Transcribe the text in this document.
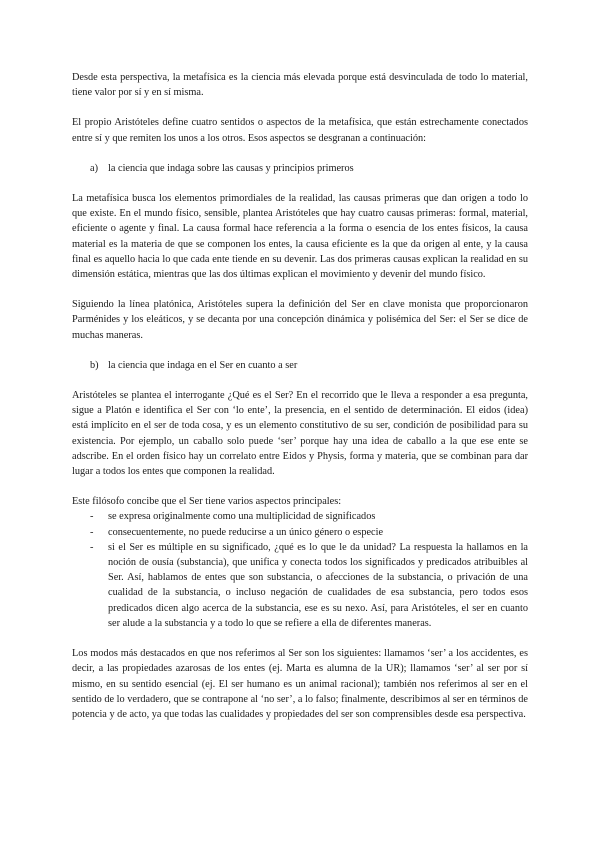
Desde esta perspectiva, la metafísica es la ciencia más elevada porque está desvinculada de todo lo material, tiene valor por sí y en sí misma.

El propio Aristóteles define cuatro sentidos o aspectos de la metafísica, que están estrechamente conectados entre sí y que remiten los unos a los otros. Esos aspectos se desgranan a continuación:

a) la ciencia que indaga sobre las causas y principios primeros

La metafísica busca los elementos primordiales de la realidad, las causas primeras que dan origen a todo lo que existe. En el mundo físico, sensible, plantea Aristóteles que hay cuatro causas primeras: formal, material, eficiente o agente y final. La causa formal hace referencia a la forma o esencia de los entes físicos, la causa material es la materia de que se componen los entes, la causa eficiente es la que da origen al ente, y la causa final es aquello hacia lo que cada ente tiende en su devenir. Las dos primeras causas explican la realidad en su dimensión estática, mientras que las dos últimas explican el movimiento y devenir del mundo físico.

Siguiendo la línea platónica, Aristóteles supera la definición del Ser en clave monista que proporcionaron Parménides y los eleáticos, y se decanta por una concepción dinámica y polisémica del Ser: el Ser se dice de muchas maneras.

b) la ciencia que indaga en el Ser en cuanto a ser

Aristóteles se plantea el interrogante ¿Qué es el Ser? En el recorrido que le lleva a responder a esa pregunta, sigue a Platón e identifica el Ser con ‘lo ente’, la presencia, en el sentido de determinación. El eidos (idea) está implícito en el ser de toda cosa, y es un elemento constitutivo de su ser, condición de posibilidad para su existencia. Por ejemplo, un caballo solo puede ‘ser’ porque hay una idea de caballo a la que ese ente se adscribe. En el orden físico hay un correlato entre Eidos y Physis, forma y materia, que se combinan para dar lugar a todos los entes que componen la realidad.

Este filósofo concibe que el Ser tiene varios aspectos principales:

-	se expresa originalmente como una multiplicidad de significados
-	consecuentemente, no puede reducirse a un único género o especie
-	si el Ser es múltiple en su significado, ¿qué es lo que le da unidad? La respuesta la hallamos en la noción de ousía (substancia), que unifica y conecta todos los significados y predicados atribuibles al Ser. Así, hablamos de entes que son substancia, o afecciones de la substancia, o privación de una cualidad de la substancia, o incluso negación de cualidades de esa substancia, pero todos esos predicados dicen algo acerca de la substancia, ese es su nexo. Así, para Aristóteles, el ser en cuanto ser alude a la substancia y a todo lo que se refiere a ella de diferentes maneras.

Los modos más destacados en que nos referimos al Ser son los siguientes: llamamos ‘ser’ a los accidentes, es decir, a las propiedades azarosas de los entes (ej. Marta es alumna de la UR); llamamos ‘ser’ al ser por sí mismo, en su sentido esencial (ej. El ser humano es un animal racional); también nos referimos al ser en el sentido de lo verdadero, que se contrapone al ‘no ser’, a lo falso; finalmente, describimos al ser en términos de potencia y de acto, ya que todas las cualidades y propiedades del ser son comprensibles desde esa perspectiva.
